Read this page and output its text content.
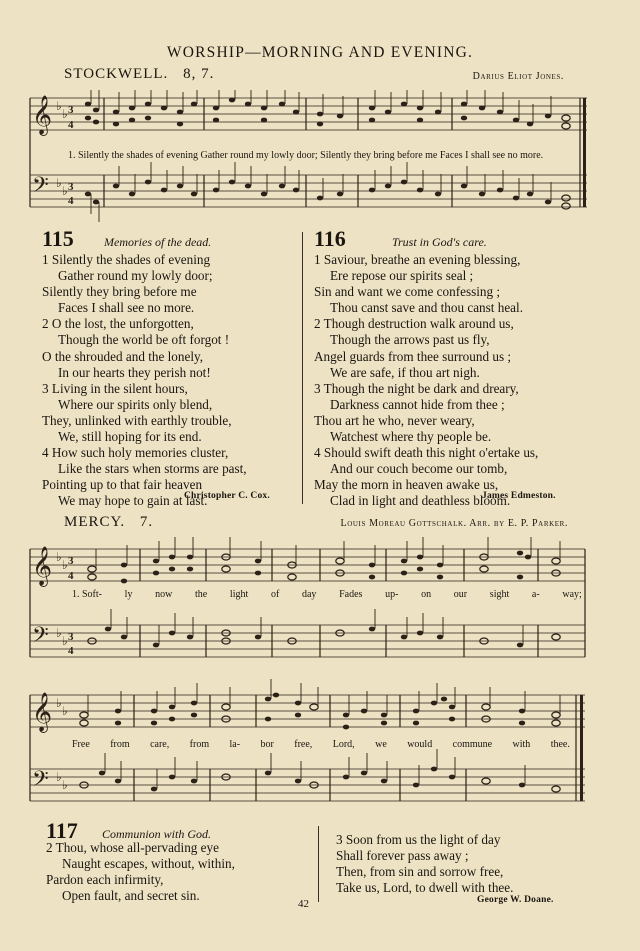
WORSHIP—MORNING AND EVENING.
STOCKWELL. 8, 7.	Darius Eliot Jones.
𝄞
𝄢
♭
♭
♭
♭
3
4
3
4
1. Silently the shades of evening Gather round my lowly door; Silently they bring before me Faces I shall see no more.
115	Memories of the dead.
1 Silently the shades of evening
Gather round my lowly door;
Silently they bring before me
Faces I shall see no more.
2 O the lost, the unforgotten,
Though the world be oft forgot !
O the shrouded and the lonely,
In our hearts they perish not!
3 Living in the silent hours,
Where our spirits only blend,
They, unlinked with earthly trouble,
We, still hoping for its end.
4 How such holy memories cluster,
Like the stars when storms are past,
Pointing up to that fair heaven
We may hope to gain at last.
Christopher C. Cox.
116	Trust in God's care.
1 Saviour, breathe an evening blessing,
Ere repose our spirits seal ;
Sin and want we come confessing ;
Thou canst save and thou canst heal.
2 Though destruction walk around us,
Though the arrows past us fly,
Angel guards from thee surround us ;
We are safe, if thou art nigh.
3 Though the night be dark and dreary,
Darkness cannot hide from thee ;
Thou art he who, never weary,
Watchest where thy people be.
4 Should swift death this night o'ertake us,
And our couch become our tomb,
May the morn in heaven awake us,
Clad in light and deathless bloom.
James Edmeston.
MERCY. 7.	Louis Moreau Gottschalk. Arr. by E. P. Parker.
𝄞
𝄢
♭
♭
♭
♭
3
4
3
4
1. Soft- ly now the light of day Fades up- on our sight a- way;
𝄞
𝄢
♭
♭
♭
♭
Free from care, from la- bor free, Lord, we would commune with thee.
117 Communion with God.
2 Thou, whose all-pervading eye
Naught escapes, without, within,
Pardon each infirmity,
Open fault, and secret sin.
3 Soon from us the light of day
Shall forever pass away ;
Then, from sin and sorrow free,
Take us, Lord, to dwell with thee.
George W. Doane.
42
